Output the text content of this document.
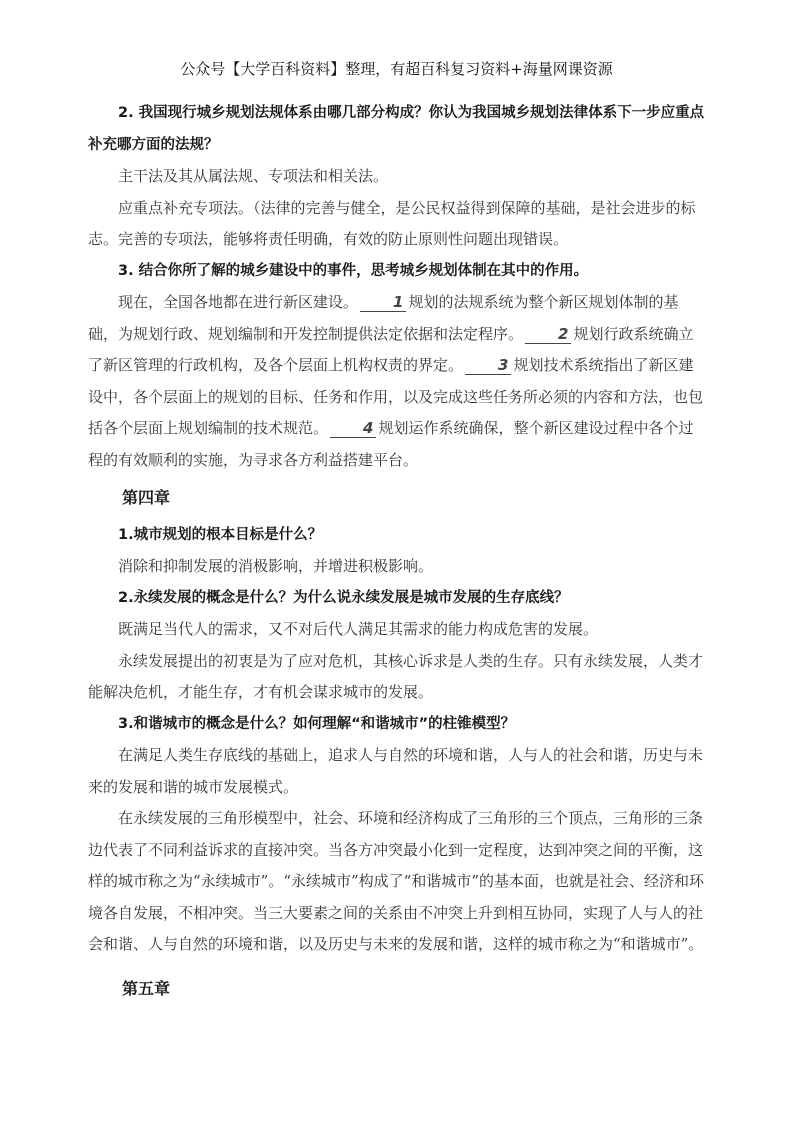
公众号【大学百科资料】整理，有超百科复习资料+海量网课资源

2. 我国现行城乡规划法规体系由哪几部分构成？你认为我国城乡规划法律体系下一步应重点补充哪方面的法规？

主干法及其从属法规、专项法和相关法。

应重点补充专项法。（法律的完善与健全，是公民权益得到保障的基础，是社会进步的标志。完善的专项法，能够将责任明确，有效的防止原则性问题出现错误。

3. 结合你所了解的城乡建设中的事件，思考城乡规划体制在其中的作用。

现在，全国各地都在进行新区建设。 1 规划的法规系统为整个新区规划体制的基础，为规划行政、规划编制和开发控制提供法定依据和法定程序。 2 规划行政系统确立了新区管理的行政机构，及各个层面上机构权责的界定。 3 规划技术系统指出了新区建设中，各个层面上的规划的目标、任务和作用，以及完成这些任务所必须的内容和方法，也包括各个层面上规划编制的技术规范。 4 规划运作系统确保，整个新区建设过程中各个过程的有效顺利的实施，为寻求各方利益搭建平台。

第四章

1.城市规划的根本目标是什么？

消除和抑制发展的消极影响，并增进积极影响。

2.永续发展的概念是什么？为什么说永续发展是城市发展的生存底线？

既满足当代人的需求，又不对后代人满足其需求的能力构成危害的发展。

永续发展提出的初衷是为了应对危机，其核心诉求是人类的生存。只有永续发展，人类才能解决危机，才能生存，才有机会谋求城市的发展。

3.和谐城市的概念是什么？如何理解“和谐城市”的柱锥模型？

在满足人类生存底线的基础上，追求人与自然的环境和谐，人与人的社会和谐，历史与未来的发展和谐的城市发展模式。

在永续发展的三角形模型中，社会、环境和经济构成了三角形的三个顶点，三角形的三条边代表了不同利益诉求的直接冲突。当各方冲突最小化到一定程度，达到冲突之间的平衡，这样的城市称之为“永续城市”。“永续城市”构成了“和谐城市”的基本面，也就是社会、经济和环境各自发展，不相冲突。当三大要素之间的关系由不冲突上升到相互协同，实现了人与人的社会和谐、人与自然的环境和谐，以及历史与未来的发展和谐，这样的城市称之为“和谐城市”。

第五章
